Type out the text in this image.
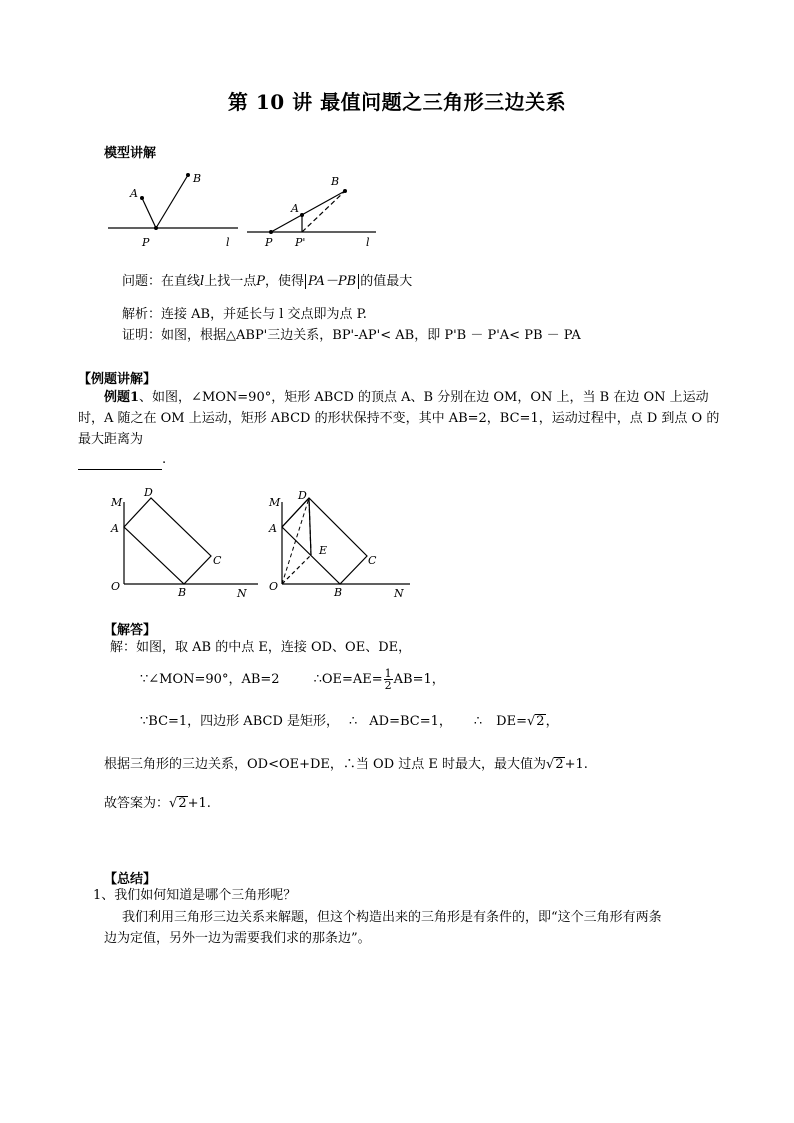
第 10 讲 最值问题之三角形三边关系
模型讲解
A
B
P	l
A
B
P P'	l
问题：在直线l上找一点P，使得 PA－PB 的值最大
解析：连接 AB，并延长与 l 交点即为点 P.
证明：如图，根据△ABP'三边关系，BP'-AP'< AB，即 P'B － P'A< PB － PA
【例题讲解】
例题1、如图，∠MON=90°，矩形 ABCD 的顶点 A、B 分别在边 OM，ON 上，当 B 在边 ON 上运动
时，A 随之在 OM 上运动，矩形 ABCD 的形状保持不变，其中 AB=2，BC=1，运动过程中，点 D 到点 O 的
最大距离为
.
M
D
A
C
O	B	N
M
D
A
E
C
O	B	N
【解答】
解：如图，取 AB 的中点 E，连接 OD、OE、DE，
∵∠MON=90°，AB=2	∴OE=AE= $\frac{1}{2} AB=1$，
∵BC=1，四边形 ABCD 是矩形， ∴ AD=BC=1， ∴ DE=√2，
根据三角形的三边关系，OD<OE+DE，∴当 OD 过点 E 时最大，最大值为√2+1.
故答案为：√2+1.
【总结】
1、我们如何知道是哪个三角形呢？
我们利用三角形三边关系来解题，但这个构造出来的三角形是有条件的，即“这个三角形有两条
边为定值，另外一边为需要我们求的那条边”。
